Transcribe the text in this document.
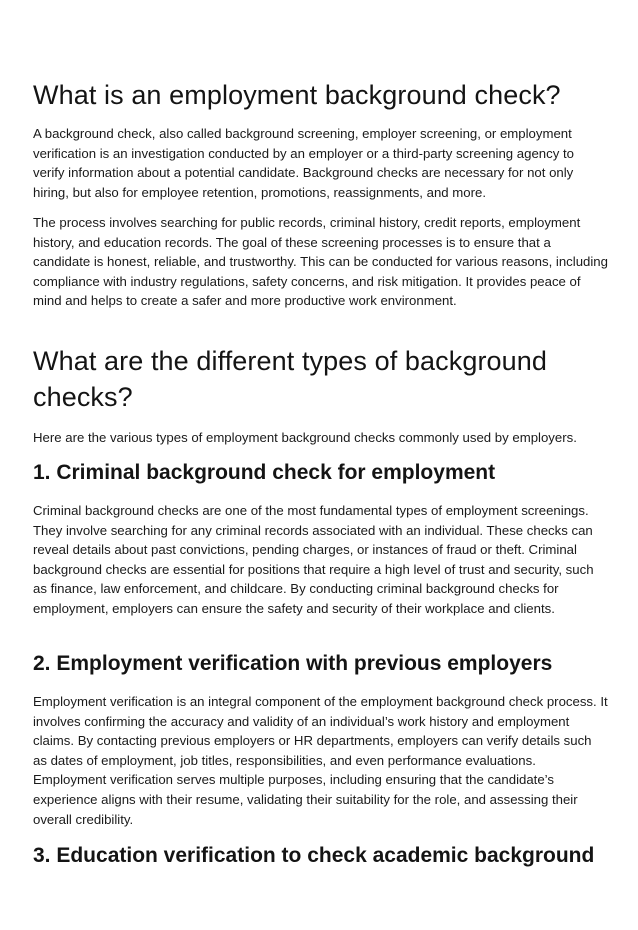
What is an employment background check?

A background check, also called background screening, employer screening, or employment verification is an investigation conducted by an employer or a third-party screening agency to verify information about a potential candidate. Background checks are necessary for not only hiring, but also for employee retention, promotions, reassignments, and more.

The process involves searching for public records, criminal history, credit reports, employment history, and education records. The goal of these screening processes is to ensure that a candidate is honest, reliable, and trustworthy. This can be conducted for various reasons, including compliance with industry regulations, safety concerns, and risk mitigation. It provides peace of mind and helps to create a safer and more productive work environment.

What are the different types of background checks?

Here are the various types of employment background checks commonly used by employers.

1. Criminal background check for employment

Criminal background checks are one of the most fundamental types of employment screenings. They involve searching for any criminal records associated with an individual. These checks can reveal details about past convictions, pending charges, or instances of fraud or theft. Criminal background checks are essential for positions that require a high level of trust and security, such as finance, law enforcement, and childcare. By conducting criminal background checks for employment, employers can ensure the safety and security of their workplace and clients.

2. Employment verification with previous employers

Employment verification is an integral component of the employment background check process. It involves confirming the accuracy and validity of an individual’s work history and employment claims. By contacting previous employers or HR departments, employers can verify details such as dates of employment, job titles, responsibilities, and even performance evaluations. Employment verification serves multiple purposes, including ensuring that the candidate’s experience aligns with their resume, validating their suitability for the role, and assessing their overall credibility.

3. Education verification to check academic background
